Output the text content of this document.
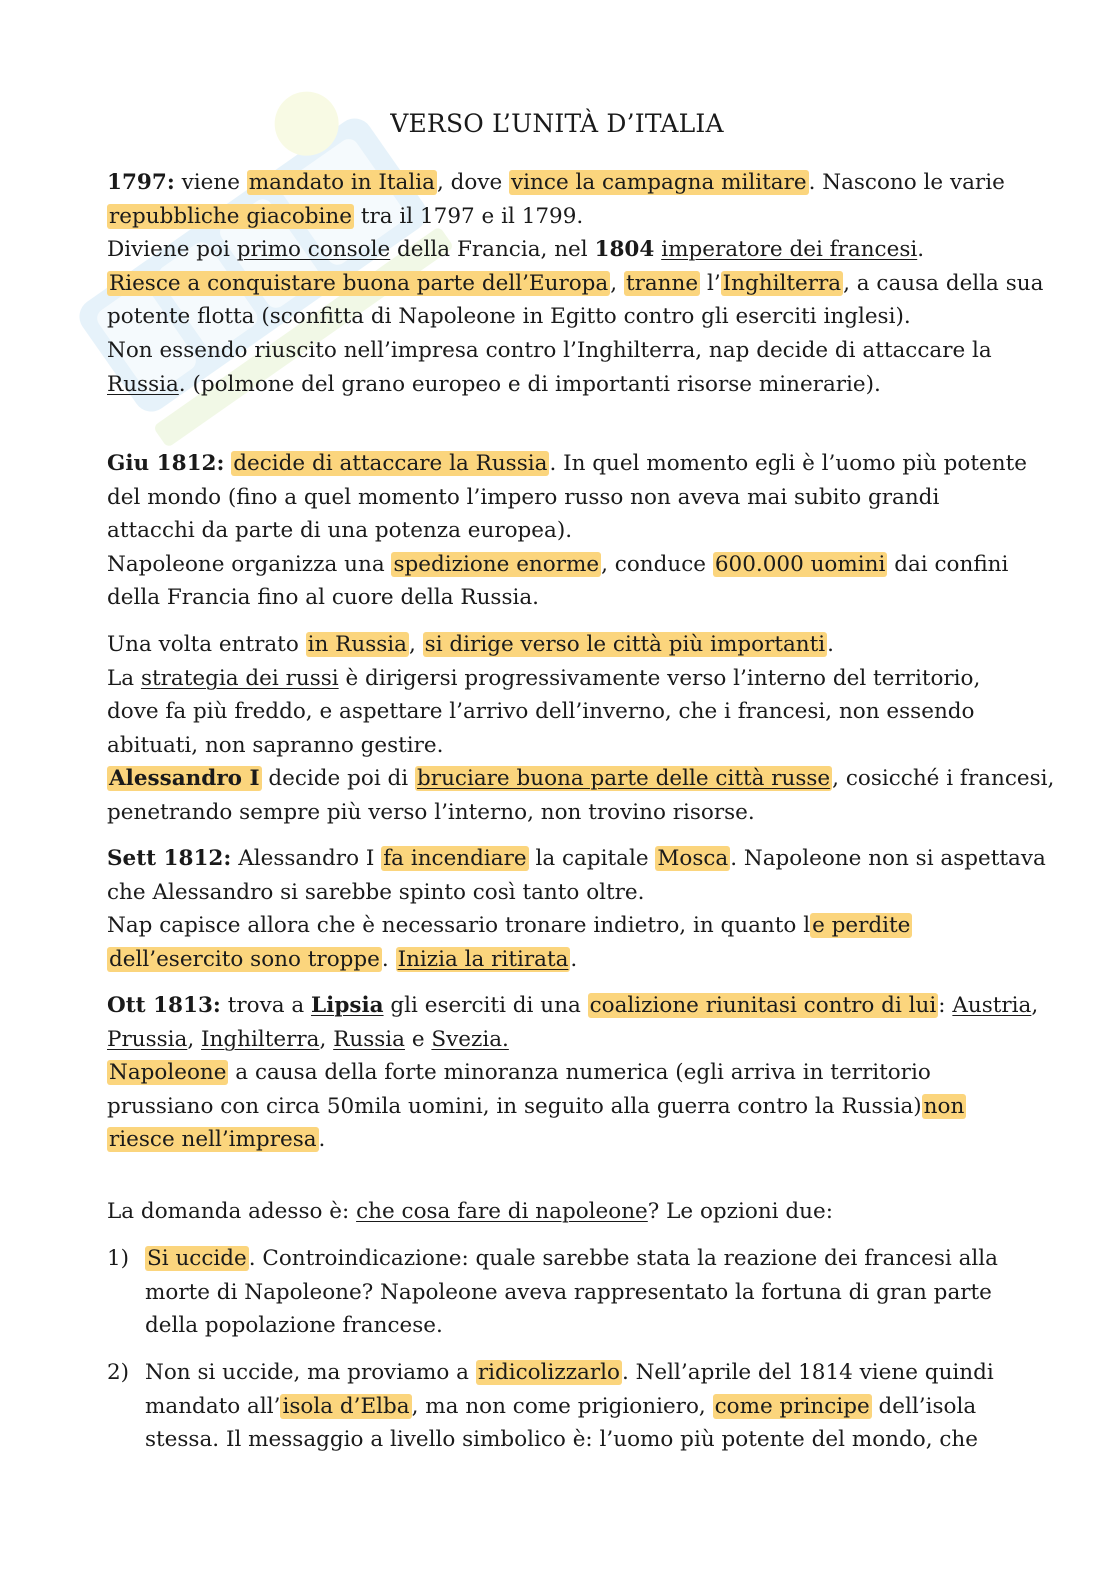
VERSO L’UNITÀ D’ITALIA
1797: viene mandato in Italia, dove vince la campagna militare. Nascono le varie
repubbliche giacobine tra il 1797 e il 1799.
Diviene poi primo console della Francia, nel 1804 imperatore dei francesi.
Riesce a conquistare buona parte dell’Europa, tranne l’Inghilterra, a causa della sua
potente flotta (sconfitta di Napoleone in Egitto contro gli eserciti inglesi).
Non essendo riuscito nell’impresa contro l’Inghilterra, nap decide di attaccare la
Russia. (polmone del grano europeo e di importanti risorse minerarie).
Giu 1812: decide di attaccare la Russia. In quel momento egli è l’uomo più potente
del mondo (fino a quel momento l’impero russo non aveva mai subito grandi
attacchi da parte di una potenza europea).
Napoleone organizza una spedizione enorme, conduce 600.000 uomini dai confini
della Francia fino al cuore della Russia.
Una volta entrato in Russia, si dirige verso le città più importanti.
La strategia dei russi è dirigersi progressivamente verso l’interno del territorio,
dove fa più freddo, e aspettare l’arrivo dell’inverno, che i francesi, non essendo
abituati, non sapranno gestire.
Alessandro I decide poi di bruciare buona parte delle città russe, cosicché i francesi,
penetrando sempre più verso l’interno, non trovino risorse.
Sett 1812: Alessandro I fa incendiare la capitale Mosca. Napoleone non si aspettava
che Alessandro si sarebbe spinto così tanto oltre.
Nap capisce allora che è necessario tronare indietro, in quanto le perdite
dell’esercito sono troppe. Inizia la ritirata.
Ott 1813: trova a Lipsia gli eserciti di una coalizione riunitasi contro di lui: Austria,
Prussia, Inghilterra, Russia e Svezia.
Napoleone a causa della forte minoranza numerica (egli arriva in territorio
prussiano con circa 50mila uomini, in seguito alla guerra contro la Russia)non
riesce nell’impresa.
La domanda adesso è: che cosa fare di napoleone? Le opzioni due:
1) Si uccide. Controindicazione: quale sarebbe stata la reazione dei francesi alla
morte di Napoleone? Napoleone aveva rappresentato la fortuna di gran parte
della popolazione francese.
2) Non si uccide, ma proviamo a ridicolizzarlo. Nell’aprile del 1814 viene quindi
mandato all’isola d’Elba, ma non come prigioniero, come principe dell’isola
stessa. Il messaggio a livello simbolico è: l’uomo più potente del mondo, che
